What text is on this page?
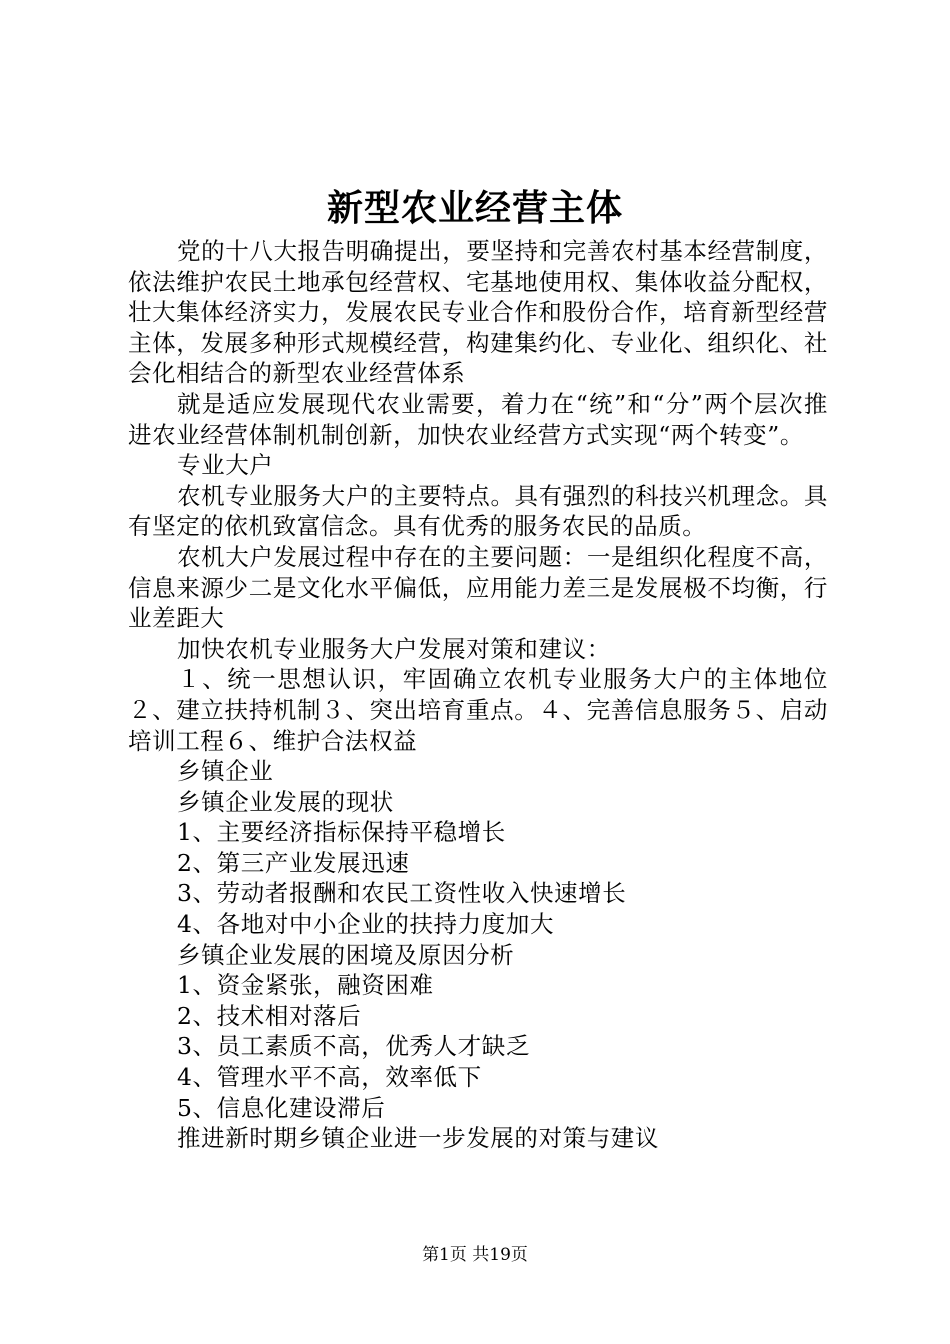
新型农业经营主体

党的十八大报告明确提出，要坚持和完善农村基本经营制度，依法维护农民土地承包经营权、宅基地使用权、集体收益分配权，壮大集体经济实力，发展农民专业合作和股份合作，培育新型经营主体，发展多种形式规模经营，构建集约化、专业化、组织化、社会化相结合的新型农业经营体系

就是适应发展现代农业需要，着力在“统”和“分”两个层次推进农业经营体制机制创新，加快农业经营方式实现“两个转变”。

专业大户

农机专业服务大户的主要特点。具有强烈的科技兴机理念。具有坚定的依机致富信念。具有优秀的服务农民的品质。

农机大户发展过程中存在的主要问题：一是组织化程度不高，信息来源少二是文化水平偏低，应用能力差三是发展极不均衡，行业差距大

加快农机专业服务大户发展对策和建议：

１、统一思想认识，牢固确立农机专业服务大户的主体地位２、建立扶持机制３、突出培育重点。４、完善信息服务５、启动培训工程６、维护合法权益

乡镇企业

乡镇企业发展的现状

1、主要经济指标保持平稳增长

2、第三产业发展迅速

3、劳动者报酬和农民工资性收入快速增长

4、各地对中小企业的扶持力度加大

乡镇企业发展的困境及原因分析

1、资金紧张，融资困难

2、技术相对落后

3、员工素质不高，优秀人才缺乏

4、管理水平不高，效率低下

5、信息化建设滞后

推进新时期乡镇企业进一步发展的对策与建议

第1页 共19页
